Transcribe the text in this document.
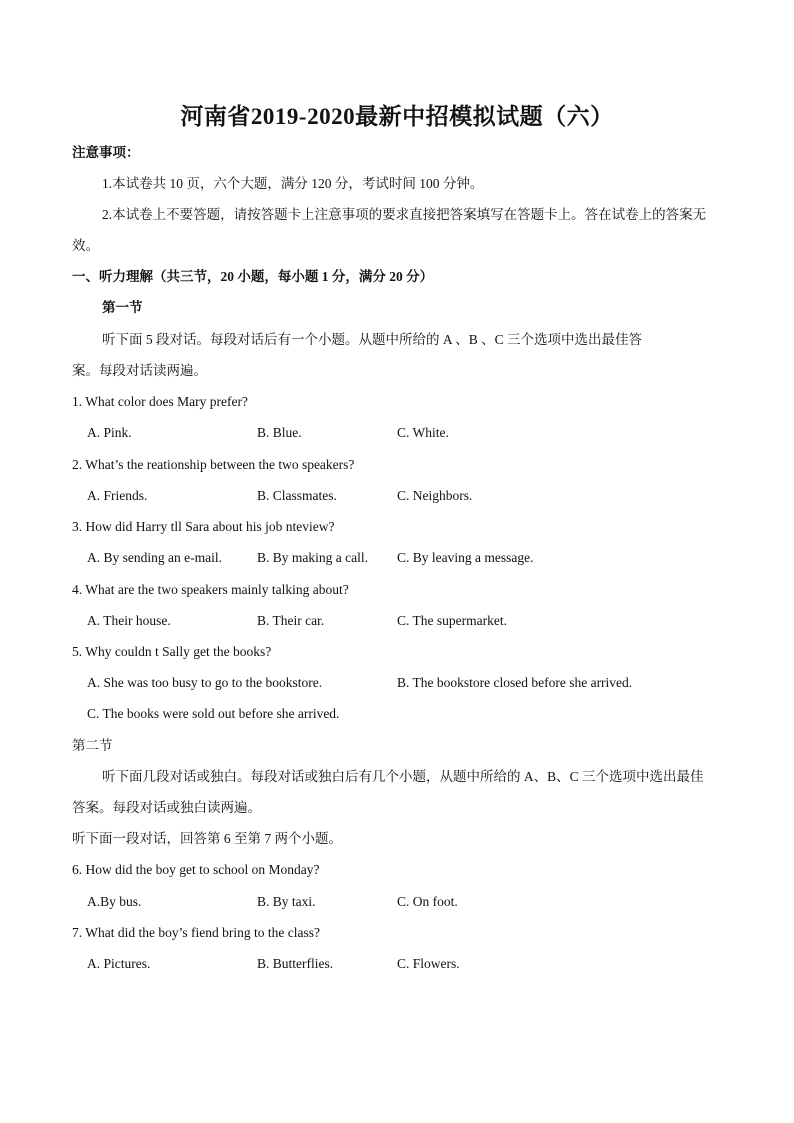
河南省2019-2020最新中招模拟试题（六）
注意事项：
1.本试卷共 10 页，六个大题，满分 120 分，考试时间 100 分钟。
2.本试卷上不要答题，请按答题卡上注意事项的要求直接把答案填写在答题卡上。答在试卷上的答案无
效。
一、听力理解（共三节，20 小题，每小题 1 分，满分 20 分）
第一节
听下面 5 段对话。每段对话后有一个小题。从题中所给的 A 、B 、C 三个选项中选出最佳答
案。每段对话读两遍。
1. What color does Mary prefer?
A. Pink.	B. Blue.	C. White.
2. What’s the reationship between the two speakers?
A. Friends.	B. Classmates.	C. Neighbors.
3. How did Harry tll Sara about his job nteview?
A. By sending an e-mail.	B. By making a call. C. By leaving a message.
4. What are the two speakers mainly talking about?
A. Their house.	B. Their car.	C. The supermarket.
5. Why couldn t Sally get the books?
A. She was too busy to go to the bookstore.	B. The bookstore closed before she arrived.
C. The books were sold out before she arrived.
第二节
听下面几段对话或独白。每段对话或独白后有几个小题，从题中所给的 A、B、C 三个选项中选出最佳
答案。每段对话或独白读两遍。
听下面一段对话，回答第 6 至第 7 两个小题。
6. How did the boy get to school on Monday?
A.By bus.	B. By taxi.	C. On foot.
7. What did the boy’s fiend bring to the class?
A. Pictures.	B. Butterflies.	C. Flowers.
